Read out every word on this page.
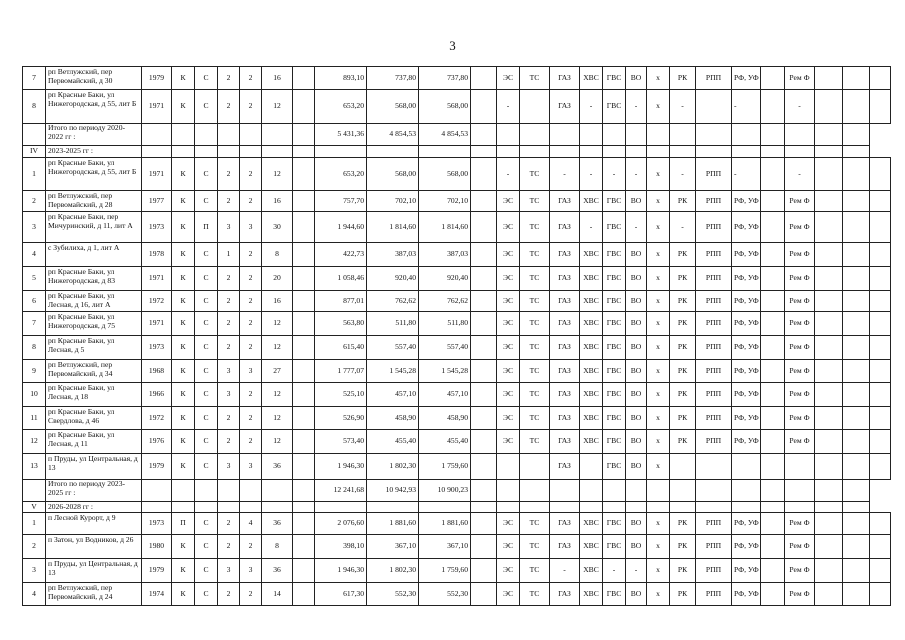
3
7	рп Ветлужский, пер Первомайский, д 30	1979	К	С	2	2	16		893,10	737,80	737,80		ЭС	ТС	ГАЗ	ХВС	ГВС	ВО	х	РК	РПП	РФ, УФ		Рем Ф			
8	рп Красные Баки, ул Нижегородская, д 55, лит Б	1971	К	С	2	2	12		653,20	568,00	568,00		-		ГАЗ	-	ГВС	-	х	-		-		-			
	Итого по периоду 2020-2022 гг :								5 431,36	4 854,53	4 854,53																
IV	2023-2025 гг :																										
1	рп Красные Баки, ул Нижегородская, д 55, лит Б	1971	К	С	2	2	12		653,20	568,00	568,00		-	ТС	-	-	-	-	х	-	РПП	-		-			
2	рп Ветлужский, пер Первомайский, д 28	1977	К	С	2	2	16		757,70	702,10	702,10		ЭС	ТС	ГАЗ	ХВС	ГВС	ВО	х	РК	РПП	РФ, УФ		Рем Ф			
3	рп Красные Баки, пер Мичуринский, д 11, лит А	1973	К	П	3	3	30		1 944,60	1 814,60	1 814,60		ЭС	ТС	ГАЗ	-	ГВС	-	х	-	РПП	РФ, УФ		Рем Ф			
4	с Зубилиха, д 1, лит А	1978	К	С	1	2	8		422,73	387,03	387,03		ЭС	ТС	ГАЗ	ХВС	ГВС	ВО	х	РК	РПП	РФ, УФ		Рем Ф			
5	рп Красные Баки, ул Нижегородская, д 83	1971	К	С	2	2	20		1 058,46	920,40	920,40		ЭС	ТС	ГАЗ	ХВС	ГВС	ВО	х	РК	РПП	РФ, УФ		Рем Ф			
6	рп Красные Баки, ул Лесная, д 16, лит А	1972	К	С	2	2	16		877,01	762,62	762,62		ЭС	ТС	ГАЗ	ХВС	ГВС	ВО	х	РК	РПП	РФ, УФ		Рем Ф			
7	рп Красные Баки, ул Нижегородская, д 75	1971	К	С	2	2	12		563,80	511,80	511,80		ЭС	ТС	ГАЗ	ХВС	ГВС	ВО	х	РК	РПП	РФ, УФ		Рем Ф			
8	рп Красные Баки, ул Лесная, д 5	1973	К	С	2	2	12		615,40	557,40	557,40		ЭС	ТС	ГАЗ	ХВС	ГВС	ВО	х	РК	РПП	РФ, УФ		Рем Ф			
9	рп Ветлужский, пер Первомайский, д 34	1968	К	С	3	3	27		1 777,07	1 545,28	1 545,28		ЭС	ТС	ГАЗ	ХВС	ГВС	ВО	х	РК	РПП	РФ, УФ		Рем Ф			
10	рп Красные Баки, ул Лесная, д 18	1966	К	С	3	2	12		525,10	457,10	457,10		ЭС	ТС	ГАЗ	ХВС	ГВС	ВО	х	РК	РПП	РФ, УФ		Рем Ф			
11	рп Красные Баки, ул Свердлова, д 46	1972	К	С	2	2	12		526,90	458,90	458,90		ЭС	ТС	ГАЗ	ХВС	ГВС	ВО	х	РК	РПП	РФ, УФ		Рем Ф			
12	рп Красные Баки, ул Лесная, д 11	1976	К	С	2	2	12		573,40	455,40	455,40		ЭС	ТС	ГАЗ	ХВС	ГВС	ВО	х	РК	РПП	РФ, УФ		Рем Ф			
13	п Пруды, ул Центральная, д 13	1979	К	С	3	3	36		1 946,30	1 802,30	1 759,60				ГАЗ		ГВС	ВО	х								
	Итого по периоду 2023-2025 гг :								12 241,68	10 942,93	10 900,23																
V	2026-2028 гг :																										
1	п Лесной Курорт, д 9	1973	П	С	2	4	36		2 076,60	1 881,60	1 881,60		ЭС	ТС	ГАЗ	ХВС	ГВС	ВО	х	РК	РПП	РФ, УФ		Рем Ф			
2	п Затон, ул Водников, д 26	1980	К	С	2	2	8		398,10	367,10	367,10		ЭС	ТС	ГАЗ	ХВС	ГВС	ВО	х	РК	РПП	РФ, УФ		Рем Ф			
3	п Пруды, ул Центральная, д 13	1979	К	С	3	3	36		1 946,30	1 802,30	1 759,60		ЭС	ТС	-	ХВС	-	-	х	РК	РПП	РФ, УФ		Рем Ф			
4	рп Ветлужский, пер Первомайский, д 24	1974	К	С	2	2	14		617,30	552,30	552,30		ЭС	ТС	ГАЗ	ХВС	ГВС	ВО	х	РК	РПП	РФ, УФ		Рем Ф			
